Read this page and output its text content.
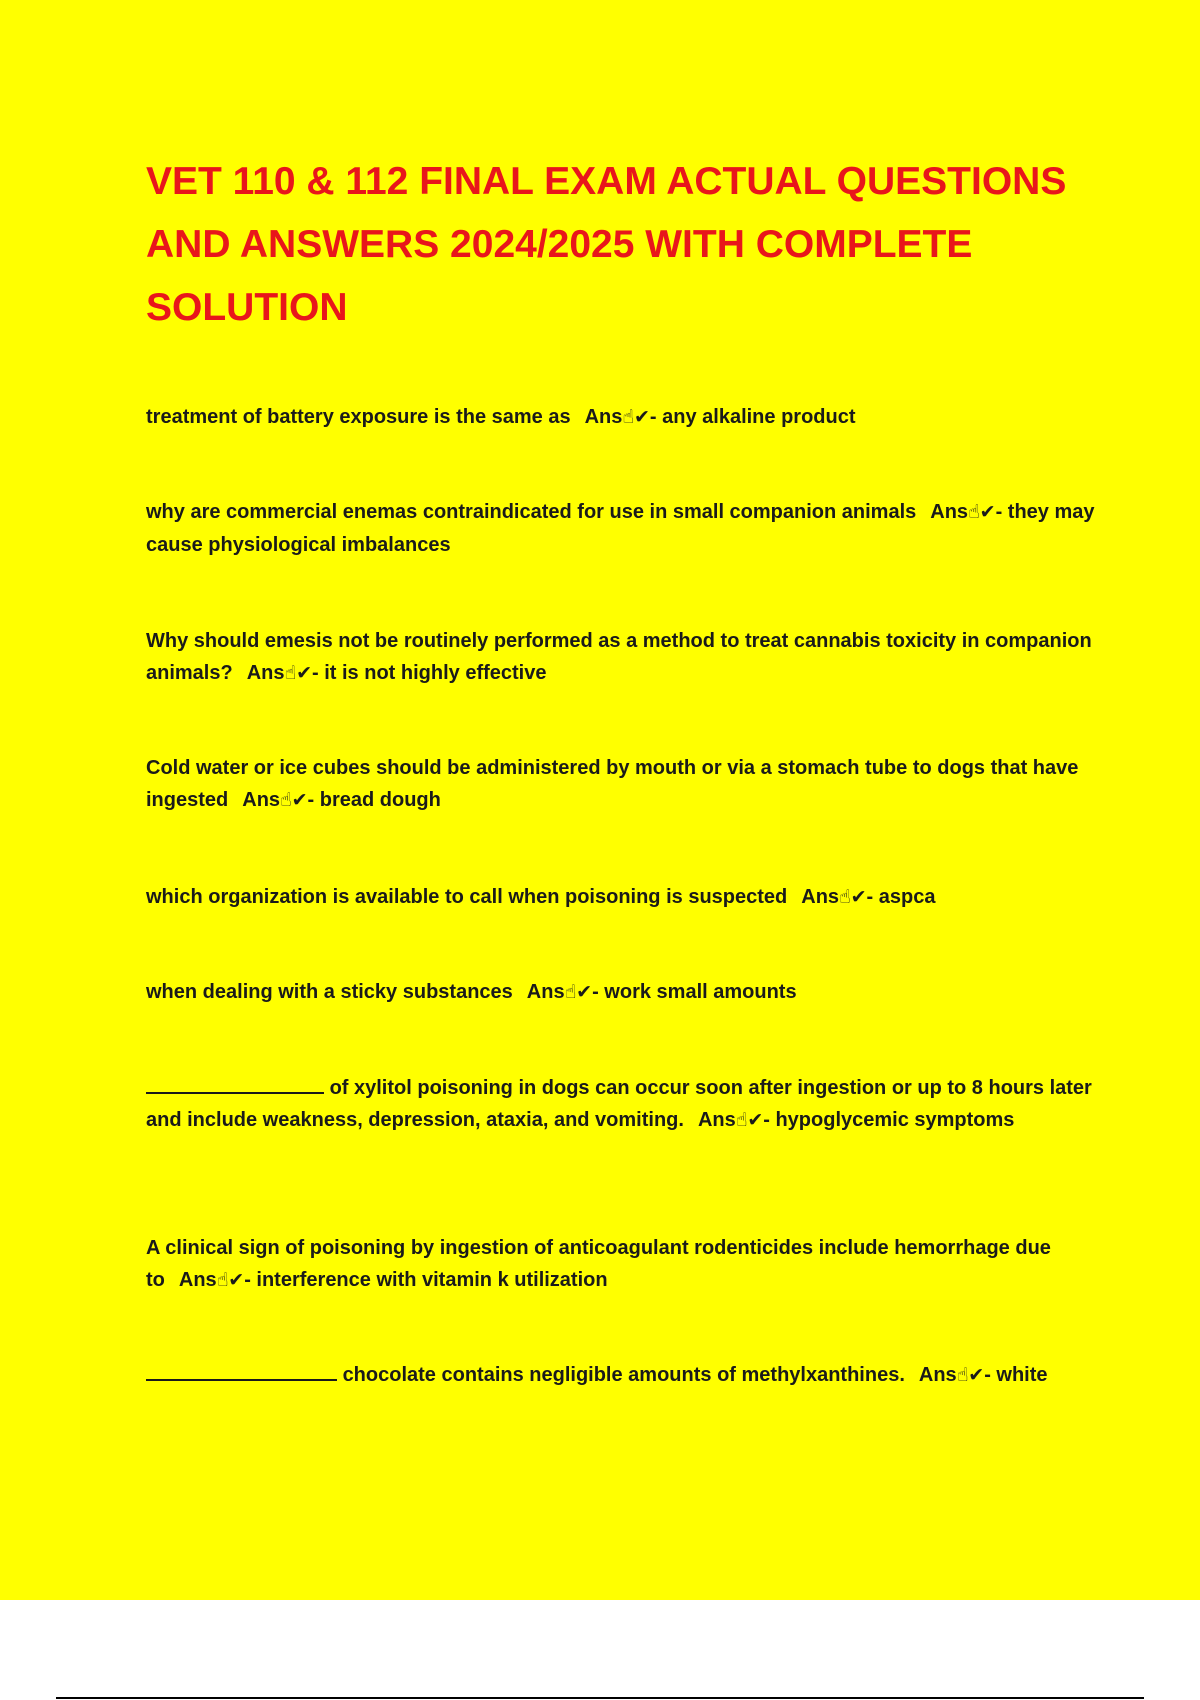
VET 110 & 112 FINAL EXAM ACTUAL QUESTIONS AND ANSWERS 2024/2025 WITH COMPLETE SOLUTION

treatment of battery exposure is the same as Ans☝✔- any alkaline product

why are commercial enemas contraindicated for use in small companion animals Ans☝✔- they may cause physiological imbalances

Why should emesis not be routinely performed as a method to treat cannabis toxicity in companion animals? Ans☝✔- it is not highly effective

Cold water or ice cubes should be administered by mouth or via a stomach tube to dogs that have ingested Ans☝✔- bread dough

which organization is available to call when poisoning is suspected Ans☝✔- aspca

when dealing with a sticky substances Ans☝✔- work small amounts

of xylitol poisoning in dogs can occur soon after ingestion or up to 8 hours later and include weakness, depression, ataxia, and vomiting. Ans☝✔- hypoglycemic symptoms

A clinical sign of poisoning by ingestion of anticoagulant rodenticides include hemorrhage due to Ans☝✔- interference with vitamin k utilization

chocolate contains negligible amounts of methylxanthines. Ans☝✔- white
